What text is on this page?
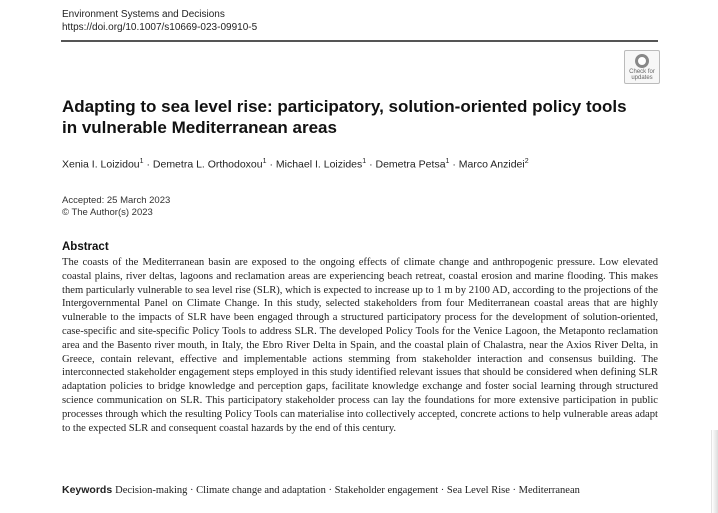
Environment Systems and Decisions
https://doi.org/10.1007/s10669-023-09910-5
Check for updates
Adapting to sea level rise: participatory, solution-oriented policy tools in vulnerable Mediterranean areas
Xenia I. Loizidou$^1$ · Demetra L. Orthodoxou$^1$ · Michael I. Loizides$^1$ · Demetra Petsa$^1$ · Marco Anzidei$^2$
Accepted: 25 March 2023
© The Author(s) 2023
Abstract
The coasts of the Mediterranean basin are exposed to the ongoing effects of climate change and anthropogenic pressure. Low elevated coastal plains, river deltas, lagoons and reclamation areas are experiencing beach retreat, coastal erosion and marine flooding. This makes them particularly vulnerable to sea level rise (SLR), which is expected to increase up to 1 m by 2100 AD, according to the projections of the Intergovernmental Panel on Climate Change. In this study, selected stakeholders from four Mediterranean coastal areas that are highly vulnerable to the impacts of SLR have been engaged through a structured participatory process for the development of solution-oriented, case-specific and site-specific Policy Tools to address SLR. The developed Policy Tools for the Venice Lagoon, the Metaponto reclamation area and the Basento river mouth, in Italy, the Ebro River Delta in Spain, and the coastal plain of Chalastra, near the Axios River Delta, in Greece, contain relevant, effective and implementable actions stemming from stakeholder interaction and consensus building. The interconnected stakeholder engagement steps employed in this study identified relevant issues that should be considered when defining SLR adaptation policies to bridge knowledge and perception gaps, facilitate knowledge exchange and foster social learning through structured science communication on SLR. This participatory stakeholder process can lay the foundations for more extensive participation in public processes through which the resulting Policy Tools can materialise into collectively accepted, concrete actions to help vulnerable areas adapt to the expected SLR and consequent coastal hazards by the end of this century.
Keywords Decision-making · Climate change and adaptation · Stakeholder engagement · Sea Level Rise · Mediterranean
